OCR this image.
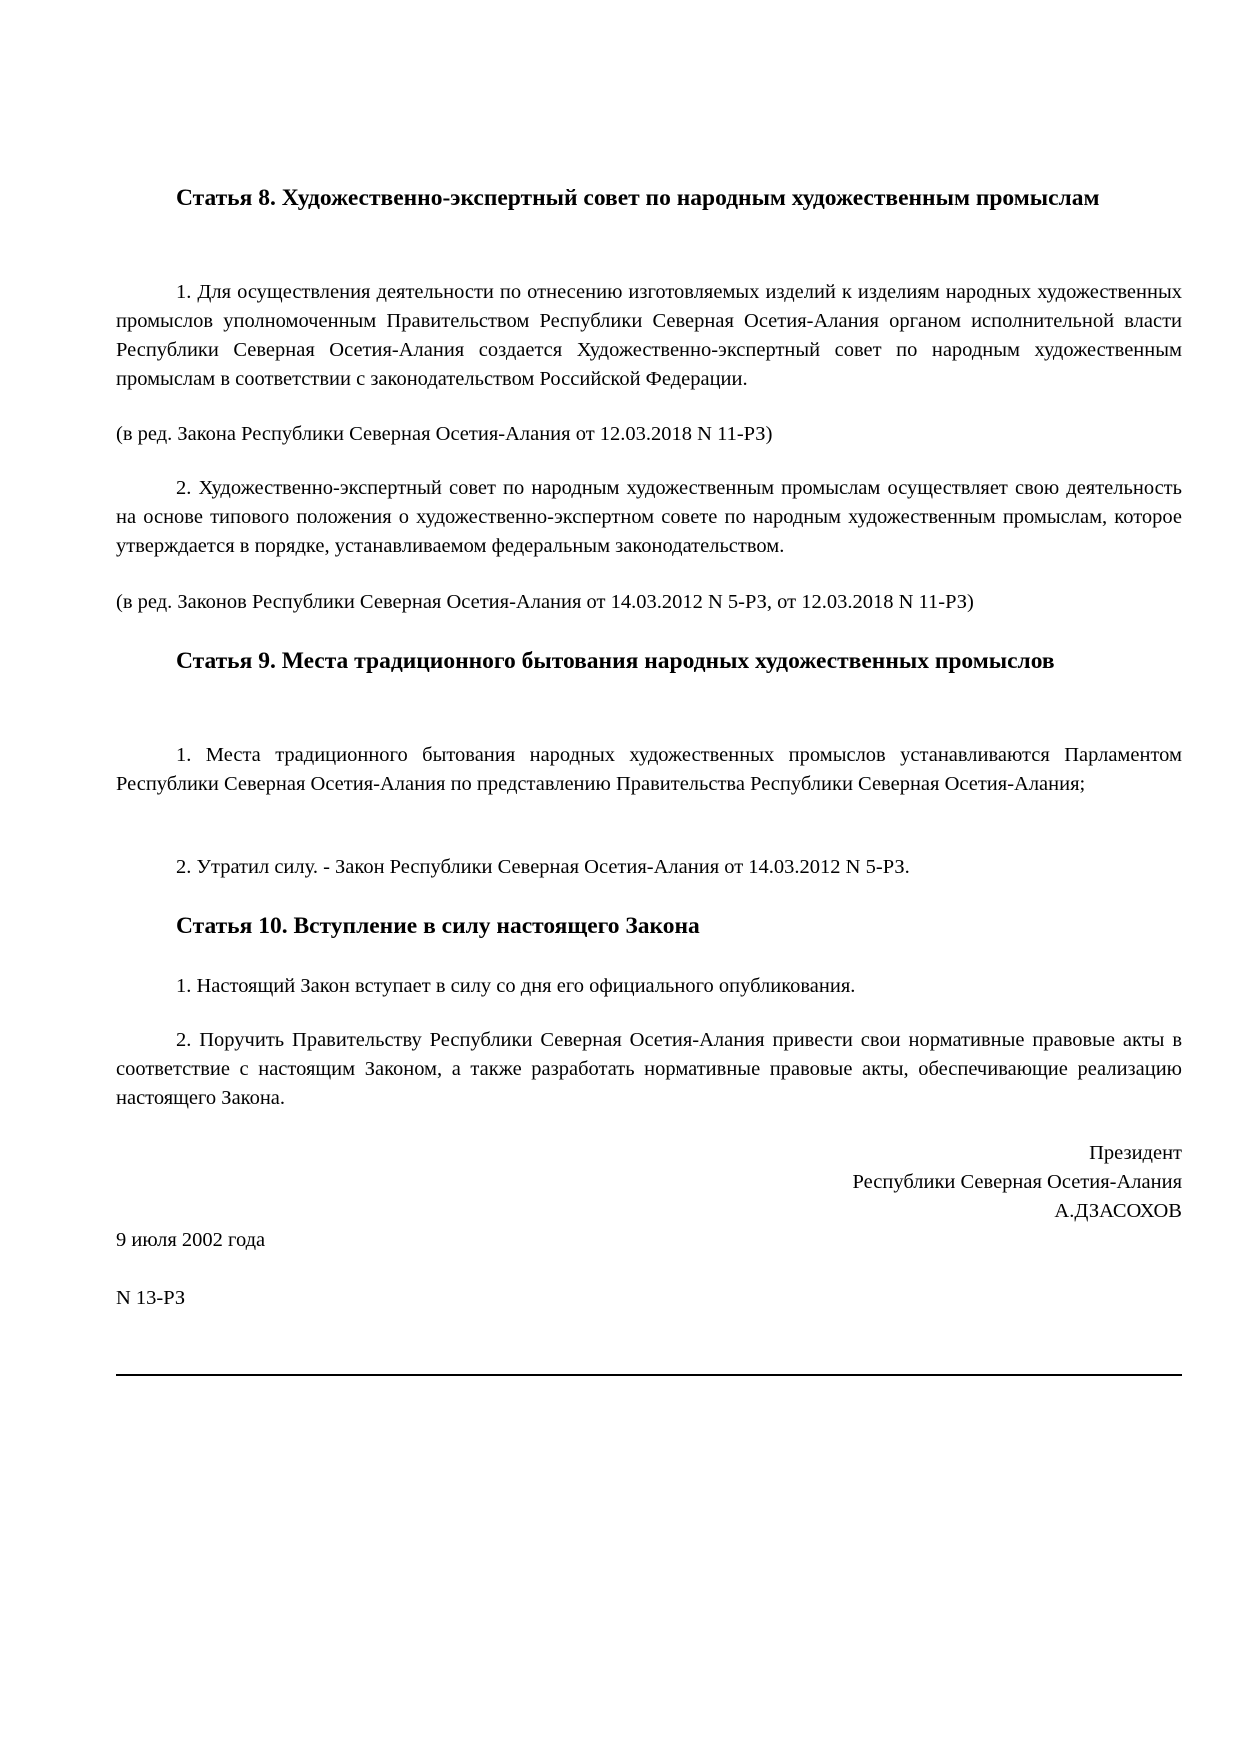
Статья 8. Художественно-экспертный совет по народным художественным промыслам
1. Для осуществления деятельности по отнесению изготовляемых изделий к изделиям народных художественных промыслов уполномоченным Правительством Республики Северная Осетия-Алания органом исполнительной власти Республики Северная Осетия-Алания создается Художественно-экспертный совет по народным художественным промыслам в соответствии с законодательством Российской Федерации.
(в ред. Закона Республики Северная Осетия-Алания от 12.03.2018 N 11-РЗ)
2. Художественно-экспертный совет по народным художественным промыслам осуществляет свою деятельность на основе типового положения о художественно-экспертном совете по народным художественным промыслам, которое утверждается в порядке, устанавливаемом федеральным законодательством.
(в ред. Законов Республики Северная Осетия-Алания от 14.03.2012 N 5-РЗ, от 12.03.2018 N 11-РЗ)
Статья 9. Места традиционного бытования народных художественных промыслов
1. Места традиционного бытования народных художественных промыслов устанавливаются Парламентом Республики Северная Осетия-Алания по представлению Правительства Республики Северная Осетия-Алания;
2. Утратил силу. - Закон Республики Северная Осетия-Алания от 14.03.2012 N 5-РЗ.
Статья 10. Вступление в силу настоящего Закона
1. Настоящий Закон вступает в силу со дня его официального опубликования.
2. Поручить Правительству Республики Северная Осетия-Алания привести свои нормативные правовые акты в соответствие с настоящим Законом, а также разработать нормативные правовые акты, обеспечивающие реализацию настоящего Закона.
Президент
Республики Северная Осетия-Алания
А.ДЗАСОХОВ
9 июля 2002 года
N 13-РЗ
